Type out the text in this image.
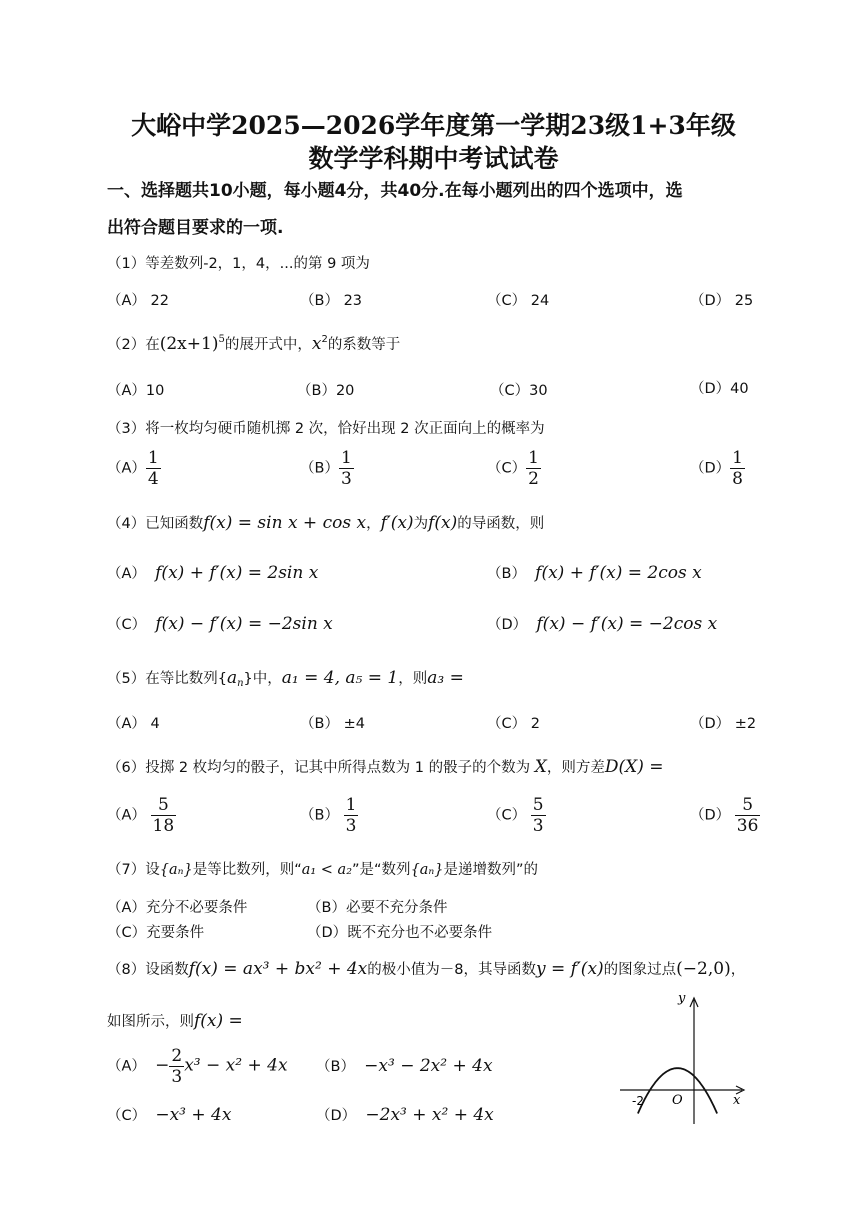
大峪中学2025—2026学年度第一学期23级1+3年级
数学学科期中考试试卷
一、选择题共10小题，每小题4分，共40分.在每小题列出的四个选项中，选
出符合题目要求的一项.
（1）等差数列-2，1，4，...的第 9 项为
（A） 22	（B） 23	（C） 24	（D） 25
（2）在$(2x+1)^5$的展开式中，$x^2$的系数等于
（A）10	（B）20	（C）30	（D）40
（3）将一枚均匀硬币随机掷 2 次，恰好出现 2 次正面向上的概率为
$(A) \frac{1}{4}$	$(B) \frac{1}{3}$	$(C) \frac{1}{2}$	$(D) \frac{1}{8}$
（4）已知函数f(x) = sin x + cos x，f′(x)为f(x)的导函数，则
（A） f(x) + f′(x) = 2sin x	（B） f(x) + f′(x) = 2cos x
（C） f(x) − f′(x) = −2sin x	（D） f(x) − f′(x) = −2cos x
（5）在等比数列$\{a_n\}$中，a₁ = 4, a₅ = 1，则a₃ =
（A） 4	（B） ±4	（C） 2	（D） ±2
（6）投掷 2 枚均匀的骰子，记其中所得点数为 1 的骰子的个数为 X，则方差D(X) =
$(A) \frac{5}{18}$	$(B) \frac{1}{3}$	$(C) \frac{5}{3}$	$(D) \frac{5}{36}$
（7）设{aₙ}是等比数列，则“a₁ < a₂”是“数列{aₙ}是递增数列”的
（A）充分不必要条件	（B）必要不充分条件
（C）充要条件	（D）既不充分也不必要条件
（8）设函数f(x) = ax³ + bx² + 4x的极小值为－8，其导函数y = f′(x)的图象过点(−2,0)，
如图所示，则f(x) =
$(A) - \frac{2}{3} x^3 - x^2 + 4x$ （B） −x³ − 2x² + 4x
（C） −x³ + 4x	（D） −2x³ + x² + 4x
y
x
O
-2
